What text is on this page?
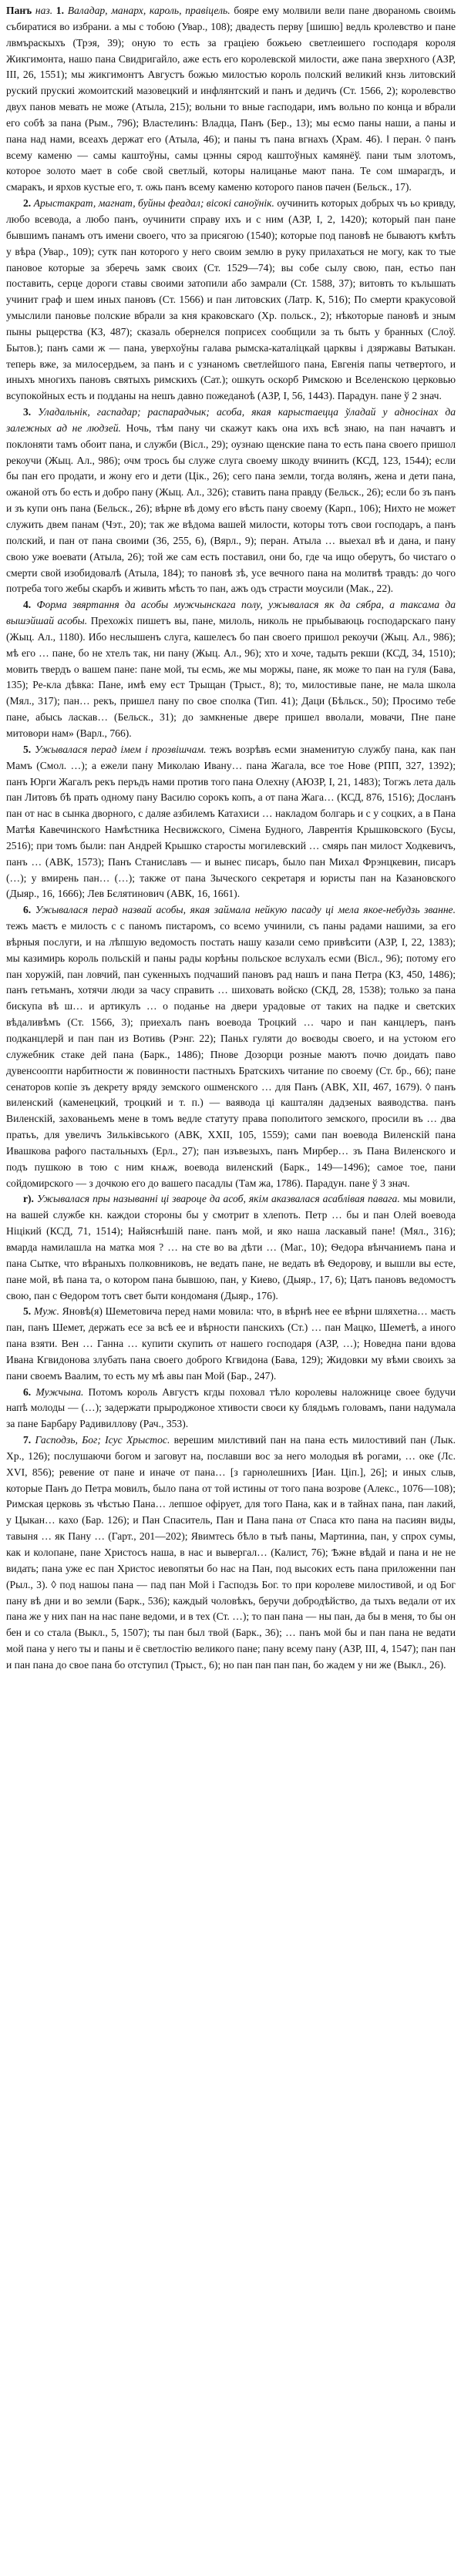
Панъ наз. 1. Валадар, манарх, кароль, правіцель. бояре ему молвили вели пане двораномь своимь събиратися во избрани. а мы с тобою (Увар., 108); двадесть перву [шишю] ведль кролевство и пане лвмъраскыхъ (Трэя, 39); оную то есть за граціею божьею светлеишего господаря короля Жикгимонта, нашо пана Свидригайло, аже есть его королевской милости, аже пана зверхного (АЗР, III, 26, 1551); мы жикгимонтъ Августъ божью милостью король полский великий кнзь литовский руский прускиі жомоитский мазовецкий и инфлянтский и панъ и дедичъ (Ст. 1566, 2); королевство двух панов мевать не може (Атыла, 215); вольни то вные гасподари, имъ вольно по конца и вбрали его собѣ за пана (Рым., 796); Властелинъ: Владца, Панъ (Бер., 13); мы есмо паны наши, а паны и пана над нами, всеахъ держат его (Атыла, 46); и паны тъ пана вгнахъ (Храм. 46). ‖ перан. ◊ панъ всему каменю — самы каштоўны, самы цэнны сярод каштоўных камянёў. пани тым злотомъ, которое золото мает в собе свой светлый, которы налицанье мают пана. Те сом шмарагдъ, и смаракъ, и ярхов кустые его, т. ожь панъ всему каменю которого панов пачен (Бельск., 17).

2. Арыстакрат, магнат, буйны феадал; вісокі саноўнік. оучинить которых добрых чъ ьо кривду, любо всевода, а любо панъ, оучинити справу ихъ и с ним (АЗР, I, 2, 1420); который пан пане бывшимъ панамъ отъ имени своего, что за присягою (1540); которые под пановѣ не бываютъ кмѣть у вѣра (Увар., 109); сутк пан которого у него своим землю в руку прилахаться не могу, как то тые пановое которые за зберечь замк своих (Ст. 1529—74); вы собе сылу свою, пан, естьо пан поставить, серце дороги ставы своими затопили або замрали (Ст. 1588, 37); витовть то кълышать учинит граф и шем иных пановъ (Ст. 1566) и пан литовских (Латр. К, 516); По смерти кракусовой умыслили пановье полские вбрали за кня краковскаго (Хр. польск., 2); нѣкоторые пановѣ и зным пыны рыцерства (КЗ, 487); сказаль обернелся поприсех сообщили за ть быть у бранных (Слоў. Бытов.); панъ сами ж — пана, уверхоўны галава рымска-каталіцкай царквы і дзяржавы Ватыкан. теперь вже, за милосердьем, за панъ и с узнаномъ светлейшого пана, Евгенія папы четвертого, и иныхъ многихъ пановъ святыхъ римскихъ (Сат.); ошкуть оскорб Римскою и Вселенскою церковью всупокойных есть и подданы на нешъ давно пожеданоѣ (АЗР, I, 56, 1443). Парадун. пане ў 2 знач.

3. Уладальнік, гаспадар; распарадчык; асоба, якая карыстаецца ўладай у адносінах да залежных ад не людзей. Ночь, тѣм пану чи скажут какъ она ихъ всѣ знаю, на пан начавтъ и поклоняти тамъ обоит пана, и служби (Вісл., 29); оузнаю щенские пана то есть пана своего пришол рекоучи (Жыц. Ал., 986); очм трось бы служе слуга своему шкоду вчинить (КСД, 123, 1544); если бы пан его продати, и жону его и дети (Цік., 26); сего пана земли, тогда волянъ, жена и дети пана, ожаной отъ бо есть и добро пану (Жыц. Ал., 326); ставить пана правду (Бельск., 26); если бо зъ панъ и зъ купи онъ пана (Бельск., 26); вѣрне вѣ дому его вѣсть пану своему (Карп., 106); Нихто не может служить двем панам (Чэт., 20); так же вѣдома вашей милости, которы тотъ свои господаръ, а панъ полский, и пан от пана своими (36, 255, 6), (Вярл., 9); перан. Атыла … выехал вѣ и дана, и пану свою уже воевати (Атыла, 26); той же сам есть поставил, они бо, где ча ищо оберутъ, бо чистаго о смерти свой изобидовалѣ (Атыла, 184); то пановѣ зѣ, усе вечного пана на молитвѣ травдъ: до чого потреба того жебы скарбъ и живить мѣсть то пан, ажъ одъ страсти моусили (Мак., 22).

4. Форма звяртання да асобы мужчынскага полу, ужывалася як да сябра, а таксама да вышэйшай асобы. Прехожіх пишетъ вы, пане, милоль, николь не прыбываюць господарскаго пану (Жыц. Ал., 1180). Ибо неслышенъ слуга, кашелесъ бо пан своего пришол рекоучи (Жыц. Ал., 986); мѣ его … пане, бо не хтелъ так, ни пану (Жыц. Ал., 96); хто и хоче, тадыть рекши (КСД, 34, 1510); мовить твердъ о вашем пане: пане мой, ты есмь, же мы моржы, пане, як може то пан на гуля (Бава, 135); Ре-кла дѣвка: Пане, имѣ ему ест Трыщан (Трыст., 8); то, милостивые пане, не мала школа (Мял., 317); пан… рекъ, пришел пану по свое сполка (Тип. 41); Даци (Бѣльск., 50); Просимо тебе пане, абысь ласкав… (Бельск., 31); до замкненые двере пришел вволали, мовачи, Пне пане митовори нам» (Варл., 766).

5. Ужывалася перад імем і прозвішчам. тежъ возрѣвъ есми знаменитую службу пана, как пан Мамъ (Смол. …); а ежели пану Миколаю Ивану… пана Жагала, все тое Нове (РПП, 327, 1392); панъ Юрги Жагалъ рекъ перъдъ нами против того пана Олехну (АЮЗР, I, 21, 1483); Тогжъ лета даль пан Литовъ бѣ прать одному пану Василю сорокъ копъ, а от пана Жага… (КСД, 876, 1516); Досланъ пан от нас в сынка дворного, с даляе азбилемъ Катахиси … накладом болгарь и с у соцких, а в Пана Матѣя Кавечинского Намѣстника Несвижского, Сімена Будного, Лаврентія Крышковского (Бусы, 2516); при томъ были: пан Андрей Крышко старосты могилевский … смярь пан милост Ходкевичъ, панъ … (АВК, 1573); Панъ Станиславъ — и вынес писаръ, было пан Михал Фрэнцкевин, писаръ (…); у вмирень пан… (…); также от пана Зыческого секретаря и юристы пан на Казановского (Дыяр., 16, 1666); Лев Бєлятинович (АВК, 16, 1661).

6. Ужывалася перад назвай асобы, якая займала нейкую пасаду ці мела якое-небудзь званне. тежъ маєтъ е милость с с паномъ пистаромъ, со всемо учинили, съ паны радами нашими, за его вѣрныя послуги, и на лѣпшую ведомость постать нашу казали семо привѣсити (АЗР, I, 22, 1383); мы казимирь король польскій и паны рады корѣны польское вслухалъ есми (Вісл., 96); потому его пан хоружій, пан ловчий, пан сукенныхъ подчаший пановъ рад нашъ и пана Петра (КЗ, 450, 1486); панъ гетьманъ, хотячи люди за часу справить … шиховать войско (СКД, 28, 1538); только за пана бискупа вѣ ш… и артикулъ … о поданье на двери урадовые от таких на падке и светских вѣдаливѣмъ (Ст. 1566, 3); приехалъ панъ воевода Троцкий … чаро и пан канцлеръ, панъ подканцлерй и пан пан из Вотивь (Рэнг. 22); Паньх гуляти до воєводы своего, и на устоюм его служебник стаке дей пана (Барк., 1486); Пнове Дозорци розные маютъ почю доидать паво дувенсоопти нарбитности ж повинности пастныхъ Братскихъ читание по своему (Ст. бр., 66); пане сенаторов копіе зъ декрету вряду земского ошменского … для Панъ (АВК, XII, 467, 1679). ◊ панъ виленский (каменецкий, троцкий и т. п.) — ваявода ці кашталян дадзеных ваяводства. панъ Виленскій, захованьемъ мене в томъ ведле статуту права пополитого земского, просили въ … два пратьъ, для увеличъ Зильківського (АВК, XXII, 105, 1559); сами пан воевода Виленскій пана Ивашкова рафого пастальныхъ (Ерл., 27); пан изъвезыхъ, панъ Мирбер… зъ Пана Виленского и подъ пушкою в тою с ним кнѧж, воевода виленский (Барк., 149—1496); самое тое, пани сойдомирского — з дочкою его до вашего пасадлы (Там жа, 1786). Парадун. пане ў 3 знач.

r). Ужывалася пры называнні ці звароце да асоб, якім аказвалася асаблівая павага. мы мовили, на вашей службе кн. каждои стороны бы у смотрит в хлепоть. Петр … бы и пан Олей воевода Ніцікий (КСД, 71, 1514); Найяснѣшій пане. панъ мой, и яко наша ласкавый пане! (Мял., 316); вмарда намилашла на матка моя ? … на сте во ва дѣти … (Маг., 10); Ѳедора вѣнчаниемъ пана и пана Сытке, что вѣраныхъ полковниковъ, не ведать пане, не ведать вѣ Ѳедорову, и вышли вы есте, пане мой, вѣ пана та, о котором пана бывшою, пан, у Киево, (Дыяр., 17, 6); Цатъ пановъ ведомостъ свою, пан с Ѳедором тотъ свет быти кондоманя (Дыяр., 176).

5. Муж. Яновѣ(я) Шеметовича перед нами мовила: что, в вѣрнѣ нее ее вѣрни шляхетна… маєть пан, панъ Шемет, держать есе за всѣ ее и вѣрности панскихъ (Ст.) … пан Мацко, Шеметѣ, а иного пана взяти. Вен … Ганна … купити скупить от нашего господаря (АЗР, …); Новедна пани вдова Ивана Кгвидонова злубать пана своего доброго Кгвидона (Бава, 129); Жидовки му вѣми своихъ за пани своемъ Ваалим, то есть му мѣ авы пан Мой (Бар., 247).

6. Мужчына. Потомъ король Августъ кгды поховал тѣло королевы наложнице своее будучи напѣ молоды — (…); задержати прыроджоное хтивости своєи ку блядьмъ головамъ, пани надумала за пане Барбару Радивиллову (Рач., 353).

7. Гасподзь, Бог; Ісус Хрыстос. верешим милстивий пан на пана есть милостивий пан (Лык. Хр., 126); послушаючи богом и заговут на, пославши вос за него молодыя вѣ рогами, … оке (Лс. XVI, 856); ревение от пане и иначе от пана… [з гарнолешнихъ [Иан. Ціп.], 26]; и иных слыв, которые Панъ до Петра мовилъ, было пана от той истины от того пана возрове (Алекс., 1076—108); Римская церковь зъ чѣстью Пана… лепшое офірует, для того Пана, как и в тайнах пана, пан лакий, у Цыкан… кахо (Бар. 126); и Пан Спаситель, Пан и Пана пана от Спаса кто пана на пасиян виды, тавыня … як Пану … (Гарт., 201—202); Явимтесь бѣло в тыѣ паны, Мартиниа, пан, у спрох сумы, как и колопане, пане Христосъ наша, в нас и вывергал… (Калист, 76); Ѣжне вѣдай и пана и не не видать; пана уже ес пан Христос иевопятьи бо нас на Пан, под высоких есть пана приложенни пан (Рыл., 3). ◊ под нашоы пана — пад пан Мой і Гасподзь Бог. то при королеве милостивой, и од Бог пану вѣ дни и во земли (Барк., 536); каждый чоловѣкъ, беручи добродѣйство, да тыхъ ведали от их пана же у них пан на нас пане ведоми, и в тех (Ст. …); то пан пана — ны пан, да бы в меня, то бы он бен и со стала (Выкл., 5, 1507); ты пан был твой (Барк., 36); … панъ мой бы и пан пана не ведати мой пана у него ты и паны и ё светлостію великого пане; пану всему пану (АЗР, III, 4, 1547); пан пан и пан пана до свое пана бо отступил (Трыст., 6); но пан пан пан пан, бо жадем у ни же (Выкл., 26).
